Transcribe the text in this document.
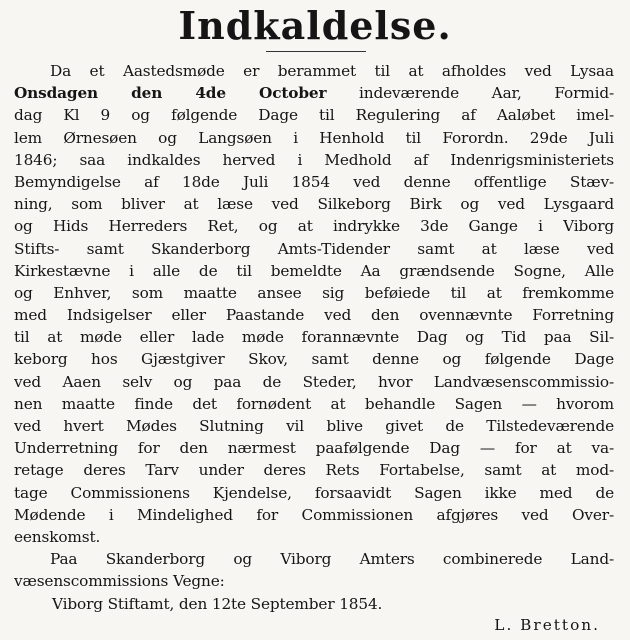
Indkaldelse.
Da et Aastedsmøde er berammet til at afholdes ved Lysaa
Onsdagen den 4de October indeværende Aar, Formid-
dag Kl 9 og følgende Dage til Regulering af Aaløbet imel-
lem Ørnesøen og Langsøen i Henhold til Forordn. 29de Juli
1846; saa indkaldes herved i Medhold af Indenrigsministeriets
Bemyndigelse af 18de Juli 1854 ved denne offentlige Stæv-
ning, som bliver at læse ved Silkeborg Birk og ved Lysgaard
og Hids Herreders Ret, og at indrykke 3de Gange i Viborg
Stifts- samt Skanderborg Amts-Tidender samt at læse ved
Kirkestævne i alle de til bemeldte Aa grændsende Sogne, Alle
og Enhver, som maatte ansee sig beføiede til at fremkomme
med Indsigelser eller Paastande ved den ovennævnte Forretning
til at møde eller lade møde forannævnte Dag og Tid paa Sil-
keborg hos Gjæstgiver Skov, samt denne og følgende Dage
ved Aaen selv og paa de Steder, hvor Landvæsenscommissio-
nen maatte finde det fornødent at behandle Sagen — hvorom
ved hvert Mødes Slutning vil blive givet de Tilstedeværende
Underretning for den nærmest paafølgende Dag — for at va-
retage deres Tarv under deres Rets Fortabelse, samt at mod-
tage Commissionens Kjendelse, forsaavidt Sagen ikke med de
Mødende i Mindelighed for Commissionen afgjøres ved Over-
eenskomst.
Paa Skanderborg og Viborg Amters combinerede Land-
væsenscommissions Vegne:
Viborg Stiftamt, den 12te September 1854.
L. Bretton.
